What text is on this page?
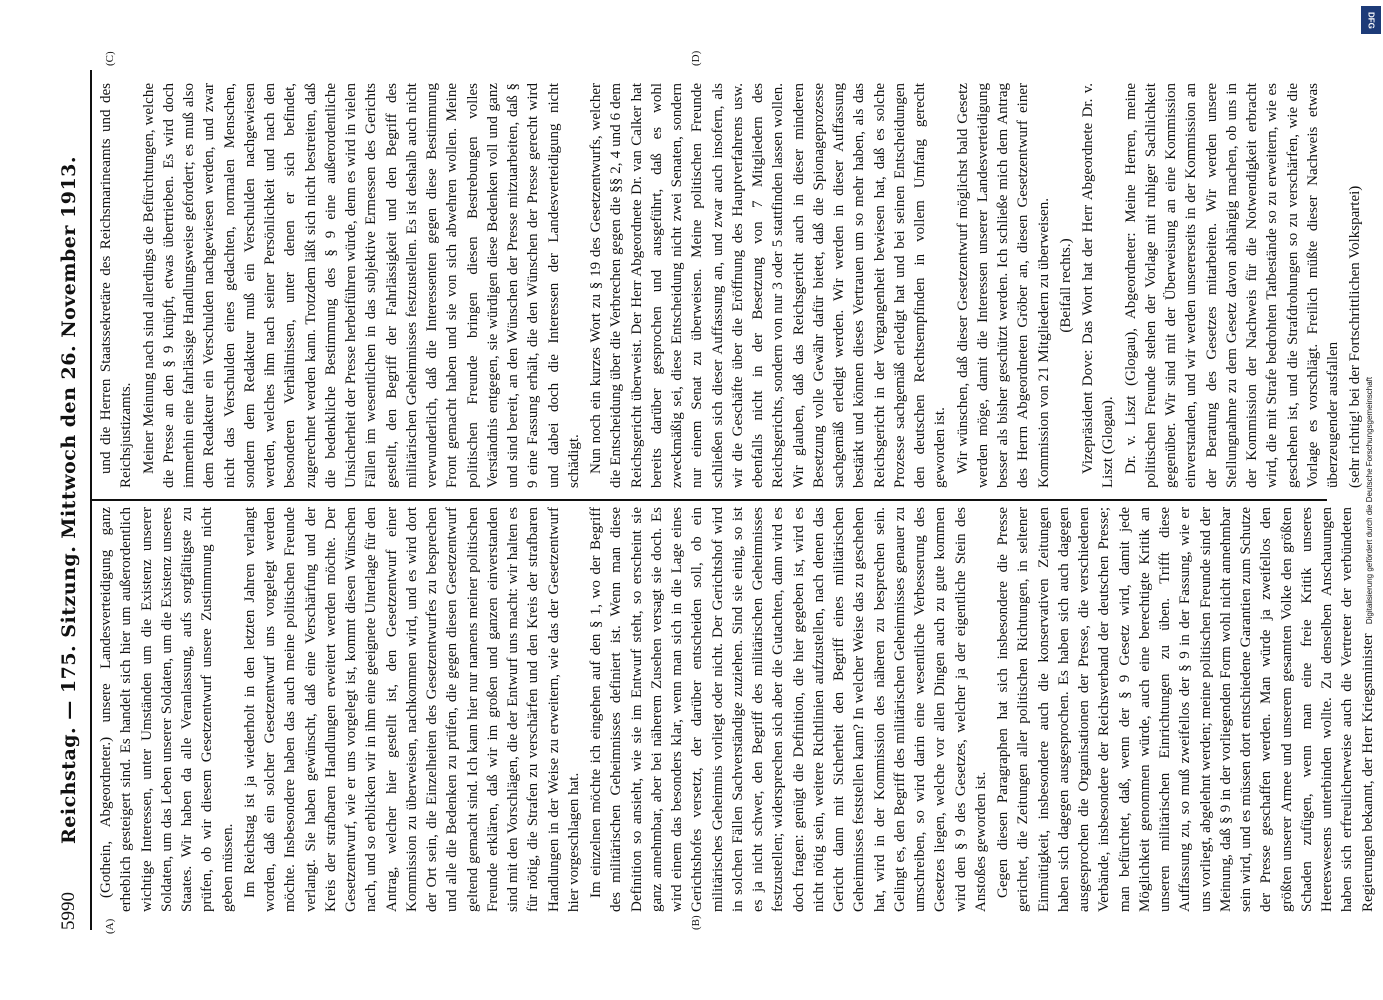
5990
Reichstag. — 175. Sitzung. Mittwoch den 26. November 1913.
(A)	(B)
(C)	(D)

(Gothein, Abgeordneter.) unsere Landesverteidigung ganz erheblich gesteigert sind. Es handelt sich hier um außerordentlich wichtige Interessen, unter Umständen um die Existenz unserer Soldaten, um das Leben unserer Soldaten, um die Existenz unseres Staates. Wir haben da alle Veranlassung, aufs sorgfältigste zu prüfen, ob wir diesem Gesetzentwurf unsere Zustimmung nicht geben müssen. Im Reichstag ist ja wiederholt in den letzten Jahren verlangt worden, daß ein solcher Gesetzentwurf uns vorgelegt werden möchte. Insbesondere haben das auch meine politischen Freunde verlangt. Sie haben gewünscht, daß eine Verschärfung und der Kreis der strafbaren Handlungen erweitert werden möchte. Der Gesetzentwurf, wie er uns vorgelegt ist, kommt diesen Wünschen nach, und so erblicken wir in ihm eine geeignete Unterlage für den Antrag, welcher hier gestellt ist, den Gesetzentwurf einer Kommission zu überweisen, nachkommen wird, und es wird dort der Ort sein, die Einzelheiten des Gesetzentwurfes zu besprechen und alle die Bedenken zu prüfen, die gegen diesen Gesetzentwurf geltend gemacht sind. Ich kann hier nur namens meiner politischen Freunde erklären, daß wir im großen und ganzen einverstanden sind mit den Vorschlägen, die der Entwurf uns macht: wir halten es für nötig, die Strafen zu verschärfen und den Kreis der strafbaren Handlungen in der Weise zu erweitern, wie das der Gesetzentwurf hier vorgeschlagen hat. Im einzelnen möchte ich eingehen auf den § 1, wo der Begriff des militärischen Geheimnisses definiert ist. Wenn man diese Definition so ansieht, wie sie im Entwurf steht, so erscheint sie ganz annehmbar, aber bei näherem Zusehen versagt sie doch. Es wird einem das besonders klar, wenn man sich in die Lage eines Gerichtshofes versetzt, der darüber entscheiden soll, ob ein militärisches Geheimnis vorliegt oder nicht. Der Gerichtshof wird in solchen Fällen Sachverständige zuziehen. Sind sie einig, so ist es ja nicht schwer, den Begriff des militärischen Geheimnisses festzustellen; widersprechen sich aber die Gutachten, dann wird es doch fragen: genügt die Definition, die hier gegeben ist, wird es nicht nötig sein, weitere Richtlinien aufzustellen, nach denen das Gericht dann mit Sicherheit den Begriff eines militärischen Geheimnisses feststellen kann? In welcher Weise das zu geschehen hat, wird in der Kommission des näheren zu besprechen sein. Gelingt es, den Begriff des militärischen Geheimnisses genauer zu umschreiben, so wird darin eine wesentliche Verbesserung des Gesetzes liegen, welche vor allen Dingen auch zu gute kommen wird den § 9 des Gesetzes, welcher ja der eigentliche Stein des Anstoßes geworden ist. Gegen diesen Paragraphen hat sich insbesondere die Presse gerichtet, die Zeitungen aller politischen Richtungen, in seltener Einmütigkeit, insbesondere auch die konservativen Zeitungen haben sich dagegen ausgesprochen. Es haben sich auch dagegen ausgesprochen die Organisationen der Presse, die verschiedenen Verbände, insbesondere der Reichsverband der deutschen Presse; man befürchtet, daß, wenn der § 9 Gesetz wird, damit jede Möglichkeit genommen würde, auch eine berechtigte Kritik an unseren militärischen Einrichtungen zu üben. Trifft diese Auffassung zu, so muß zweifellos der § 9 in der Fassung, wie er uns vorliegt, abgelehnt werden; meine politischen Freunde sind der Meinung, daß § 9 in der vorliegenden Form wohl nicht annehmbar sein wird, und es müssen dort entschiedene Garantien zum Schutze der Presse geschaffen werden. Man würde ja zweifellos den größten unserer Armee und unserem gesamten Volke den größten Schaden zufügen, wenn man eine freie Kritik unseres Heereswesens unterbinden wollte. Zu denselben Anschauungen haben sich erfreulicherweise auch die Vertreter der verbündeten Regierungen bekannt, der Herr Kriegsminister

und die Herren Staatssekretäre des Reichsmarineamts und des Reichsjustizamts. Meiner Meinung nach sind allerdings die Befürchtungen, welche die Presse an den § 9 knüpft, etwas übertrieben. Es wird doch immerhin eine fahrlässige Handlungsweise gefordert; es muß also dem Redakteur ein Verschulden nachgewiesen werden, und zwar nicht das Verschulden eines gedachten, normalen Menschen, sondern dem Redakteur muß ein Verschulden nachgewiesen werden, welches ihm nach seiner Persönlichkeit und nach den besonderen Verhältnissen, unter denen er sich befindet, zugerechnet werden kann. Trotzdem läßt sich nicht bestreiten, daß die bedenkliche Bestimmung des § 9 eine außerordentliche Unsicherheit der Presse herbeiführen würde, denn es wird in vielen Fällen im wesentlichen in das subjektive Ermessen des Gerichts gestellt, den Begriff der Fahrlässigkeit und den Begriff des militärischen Geheimnisses festzustellen. Es ist deshalb auch nicht verwunderlich, daß die Interessenten gegen diese Bestimmung Front gemacht haben und sie von sich abwehren wollen. Meine politischen Freunde bringen diesen Bestrebungen volles Verständnis entgegen, sie würdigen diese Bedenken voll und ganz und sind bereit, an den Wünschen der Presse mitzuarbeiten, daß § 9 eine Fassung erhält, die den Wünschen der Presse gerecht wird und dabei doch die Interessen der Landesverteidigung nicht schädigt. Nun noch ein kurzes Wort zu § 19 des Gesetzentwurfs, welcher die Entscheidung über die Verbrechen gegen die §§ 2, 4 und 6 dem Reichsgericht überweist. Der Herr Abgeordnete Dr. van Calker hat bereits darüber gesprochen und ausgeführt, daß es wohl zweckmäßig sei, diese Entscheidung nicht zwei Senaten, sondern nur einem Senat zu überweisen. Meine politischen Freunde schließen sich dieser Auffassung an, und zwar auch insofern, als wir die Geschäfte über die Eröffnung des Hauptverfahrens usw. ebenfalls nicht in der Besetzung von 7 Mitgliedern des Reichsgerichts, sondern von nur 3 oder 5 stattfinden lassen wollen. Wir glauben, daß das Reichsgericht auch in dieser minderen Besetzung volle Gewähr dafür bietet, daß die Spionageprozesse sachgemäß erledigt werden. Wir werden in dieser Auffassung bestärkt und können dieses Vertrauen um so mehr haben, als das Reichsgericht in der Vergangenheit bewiesen hat, daß es solche Prozesse sachgemäß erledigt hat und bei seinen Entscheidungen den deutschen Rechtsempfinden in vollem Umfang gerecht geworden ist. Wir wünschen, daß dieser Gesetzentwurf möglichst bald Gesetz werden möge, damit die Interessen unserer Landesverteidigung besser als bisher geschützt werden. Ich schließe mich dem Antrag des Herrn Abgeordneten Gröber an, diesen Gesetzentwurf einer Kommission von 21 Mitgliedern zu überweisen. (Beifall rechts.) Vizepräsident Dove: Das Wort hat der Herr Abgeordnete Dr. v. Liszt (Glogau). Dr. v. Liszt (Glogau), Abgeordneter: Meine Herren, meine politischen Freunde stehen der Vorlage mit ruhiger Sachlichkeit gegenüber. Wir sind mit der Überweisung an eine Kommission einverstanden, und wir werden unsererseits in der Kommission an der Beratung des Gesetzes mitarbeiten. Wir werden unsere Stellungnahme zu dem Gesetz davon abhängig machen, ob uns in der Kommission der Nachweis für die Notwendigkeit erbracht wird, die mit Strafe bedrohten Tatbestände so zu erweitern, wie es geschehen ist, und die Strafdrohungen so zu verschärfen, wie die Vorlage es vorschlägt. Freilich müßte dieser Nachweis etwas überzeugender ausfallen (sehr richtig! bei der Fortschrittlichen Volkspartei)

Digitalisierung gefördert durch die Deutsche Forschungsgemeinschaft
DFG
